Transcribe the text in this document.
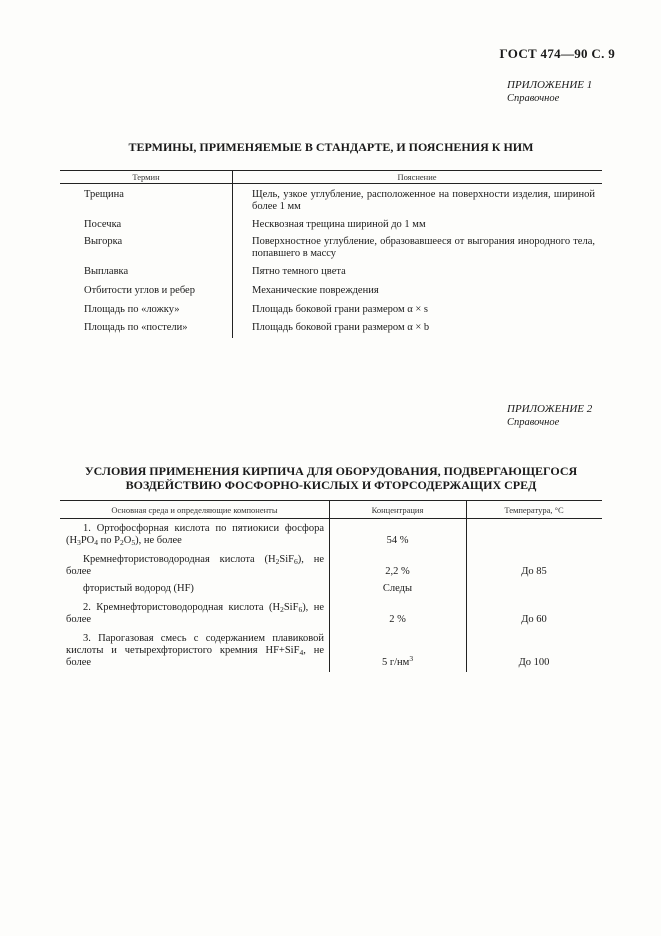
ГОСТ 474—90 С. 9
ПРИЛОЖЕНИЕ 1
Справочное
ТЕРМИНЫ, ПРИМЕНЯЕМЫЕ В СТАНДАРТЕ, И ПОЯСНЕНИЯ К НИМ
Термин	Пояснение
Трещина	Щель, узкое углубление, расположенное на поверхности изделия, шириной более 1 мм
Посечка	Несквозная трещина шириной до 1 мм
Выгорка	Поверхностное углубление, образовавшееся от выгорания инородного тела, попавшего в массу
Выплавка	Пятно темного цвета
Отбитости углов и ребер	Механические повреждения
Площадь по «ложку»	Площадь боковой грани размером α × s
Площадь по «постели»	Площадь боковой грани размером α × b
ПРИЛОЖЕНИЕ 2
Справочное
УСЛОВИЯ ПРИМЕНЕНИЯ КИРПИЧА ДЛЯ ОБОРУДОВАНИЯ, ПОДВЕРГАЮЩЕГОСЯ
ВОЗДЕЙСТВИЮ ФОСФОРНО-КИСЛЫХ И ФТОРСОДЕРЖАЩИХ СРЕД
Основная среда и определяющие компоненты	Концентрация	Температура, °С
1. Ортофосфорная кислота по пятиокиси фосфора ($H_3PO_4$ по $P_2O_5$), не более	54 %
Кремнефтористоводородная кислота $(H_2SiF_6)$, не более	2,2 %	До 85
фтористый водород (HF)	Следы
2. Кремнефтористоводородная кислота $(H_2SiF_6)$, не более	2 %	До 60
3. Парогазовая смесь с содержанием плавиковой кислоты и четырехфтористого кремния HF+SiF$_4$, не более	5 $г/нм^3$	До 100
